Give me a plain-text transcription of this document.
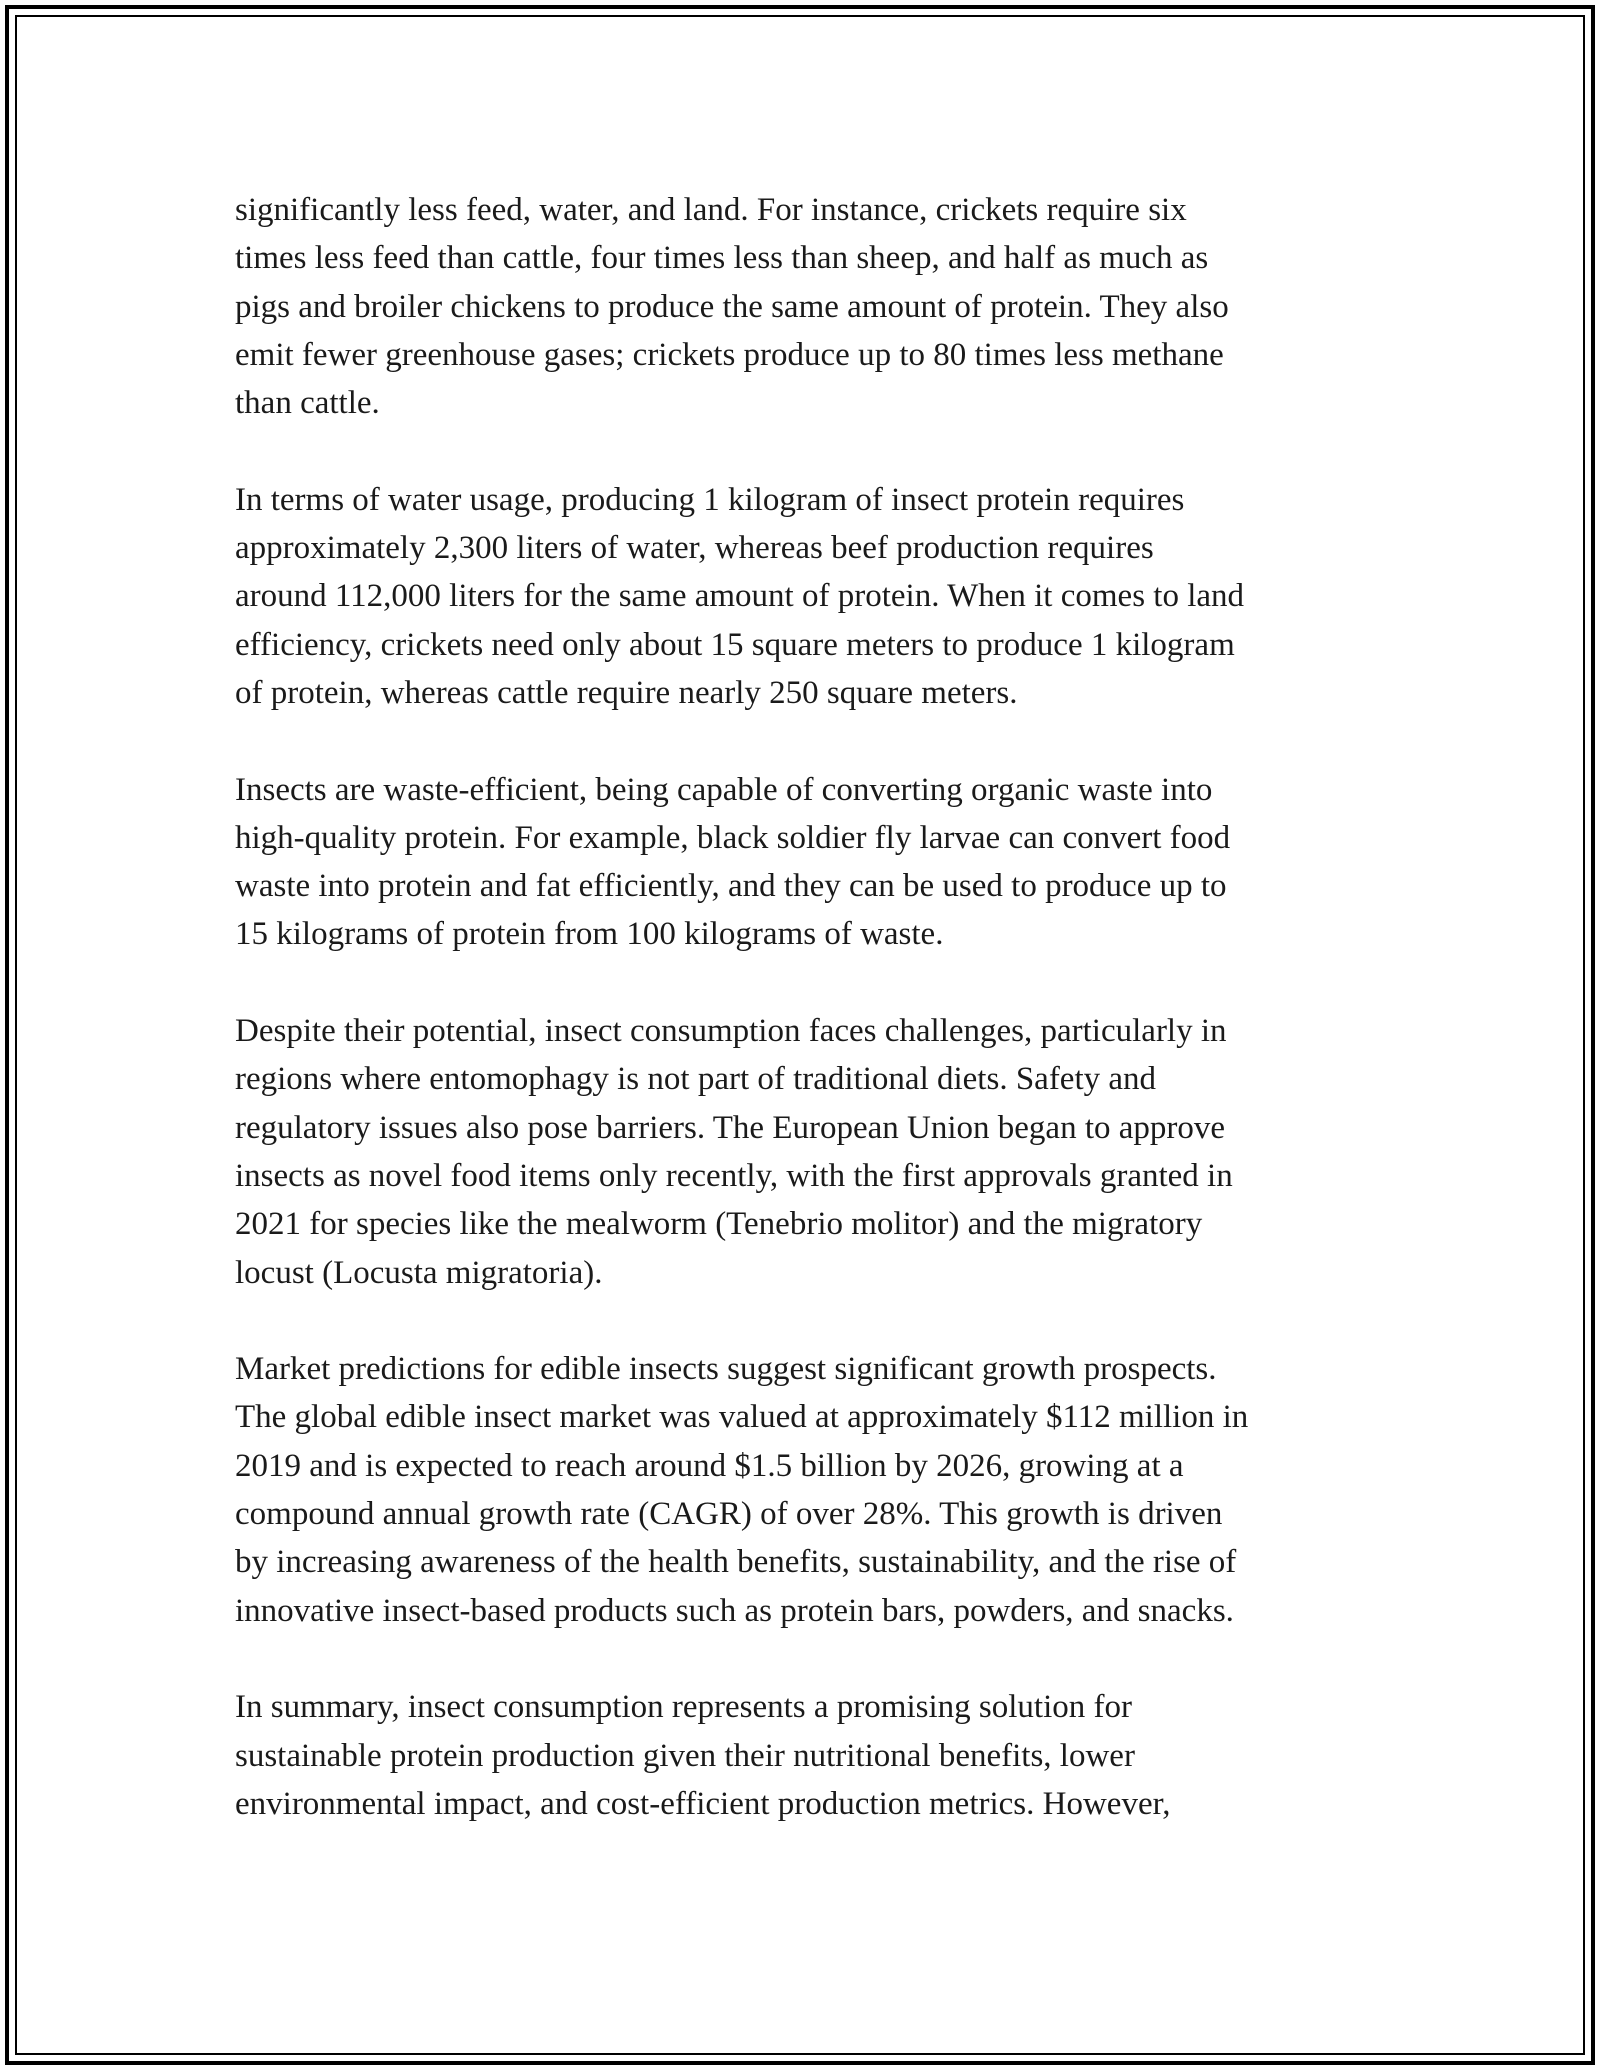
significantly less feed, water, and land. For instance, crickets require six
times less feed than cattle, four times less than sheep, and half as much as
pigs and broiler chickens to produce the same amount of protein. They also
emit fewer greenhouse gases; crickets produce up to 80 times less methane
than cattle.

In terms of water usage, producing 1 kilogram of insect protein requires
approximately 2,300 liters of water, whereas beef production requires
around 112,000 liters for the same amount of protein. When it comes to land
efficiency, crickets need only about 15 square meters to produce 1 kilogram
of protein, whereas cattle require nearly 250 square meters.

Insects are waste-efficient, being capable of converting organic waste into
high-quality protein. For example, black soldier fly larvae can convert food
waste into protein and fat efficiently, and they can be used to produce up to
15 kilograms of protein from 100 kilograms of waste.

Despite their potential, insect consumption faces challenges, particularly in
regions where entomophagy is not part of traditional diets. Safety and
regulatory issues also pose barriers. The European Union began to approve
insects as novel food items only recently, with the first approvals granted in
2021 for species like the mealworm (Tenebrio molitor) and the migratory
locust (Locusta migratoria).

Market predictions for edible insects suggest significant growth prospects.
The global edible insect market was valued at approximately $112 million in
2019 and is expected to reach around $1.5 billion by 2026, growing at a
compound annual growth rate (CAGR) of over 28%. This growth is driven
by increasing awareness of the health benefits, sustainability, and the rise of
innovative insect-based products such as protein bars, powders, and snacks.

In summary, insect consumption represents a promising solution for
sustainable protein production given their nutritional benefits, lower
environmental impact, and cost-efficient production metrics. However,
